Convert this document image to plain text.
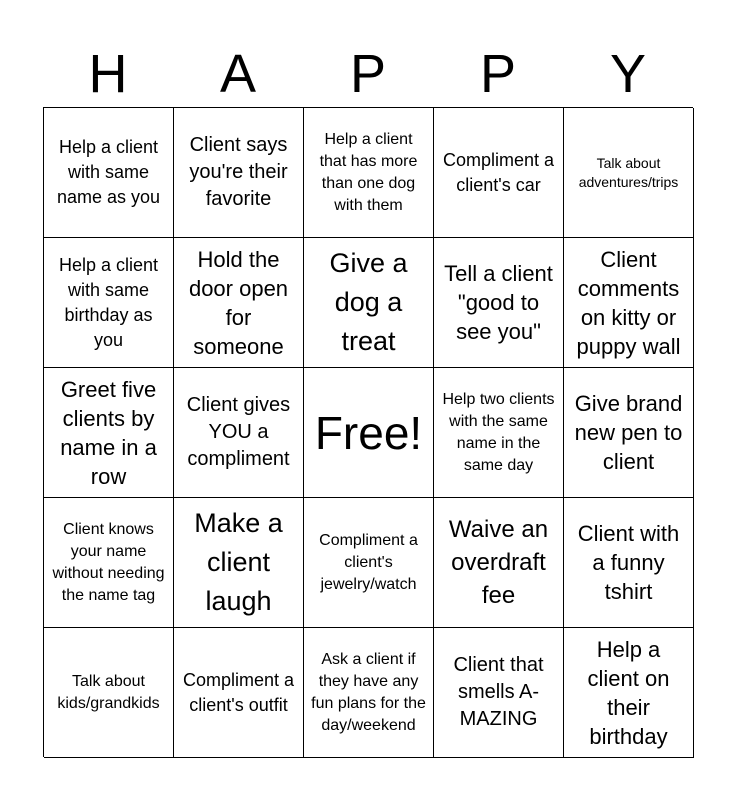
H	A	P	P	Y
Help a client with same name as you
Client says you're their favorite
Help a client that has more than one dog with them
Compliment a client's car
Talk about adventures/trips
Help a client with same birthday as you
Hold the door open for someone
Give a dog a treat
Tell a client "good to see you"
Client comments on kitty or puppy wall
Greet five clients by name in a row
Client gives YOU a compliment
Free!
Help two clients with the same name in the same day
Give brand new pen to client
Client knows your name without needing the name tag
Make a client laugh
Compliment a client's jewelry/watch
Waive an overdraft fee
Client with a funny tshirt
Talk about kids/grandkids
Compliment a client's outfit
Ask a client if they have any fun plans for the day/weekend
Client that smells A-MAZING
Help a client on their birthday
